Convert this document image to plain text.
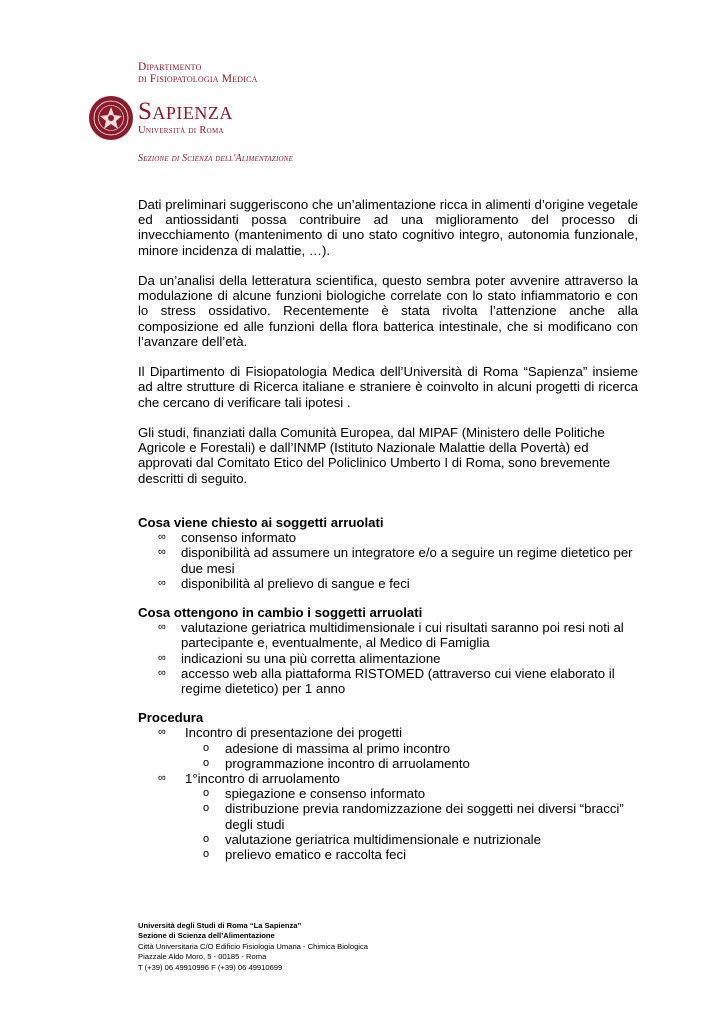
Dipartimento
di Fisiopatologia Medica
Sapienza
Università di Roma
Sezione di Scienza dell'Alimentazione

Dati preliminari suggeriscono che un’alimentazione ricca in alimenti d’origine vegetale ed antiossidanti possa contribuire ad una miglioramento del processo di invecchiamento (mantenimento di uno stato cognitivo integro, autonomia funzionale, minore incidenza di malattie, …).

Da un’analisi della letteratura scientifica, questo sembra poter avvenire attraverso la modulazione di alcune funzioni biologiche correlate con lo stato infiammatorio e con lo stress ossidativo. Recentemente è stata rivolta l’attenzione anche alla composizione ed alle funzioni della flora batterica intestinale, che si modificano con l’avanzare dell’età.

Il Dipartimento di Fisiopatologia Medica dell’Università di Roma “Sapienza” insieme ad altre strutture di Ricerca italiane e straniere è coinvolto in alcuni progetti di ricerca che cercano di verificare tali ipotesi .

Gli studi, finanziati dalla Comunità Europea, dal MIPAF (Ministero delle Politiche Agricole e Forestali) e dall’INMP (Istituto Nazionale Malattie della Povertà) ed approvati dal Comitato Etico del Policlinico Umberto I di Roma, sono brevemente descritti di seguito.

Cosa viene chiesto ai soggetti arruolati
∞ consenso informato
∞ disponibilità ad assumere un integratore e/o a seguire un regime dietetico per due mesi
∞ disponibilità al prelievo di sangue e feci
Cosa ottengono in cambio i soggetti arruolati
∞ valutazione geriatrica multidimensionale i cui risultati saranno poi resi noti al partecipante e, eventualmente, al Medico di Famiglia
∞ indicazioni su una più corretta alimentazione
∞ accesso web alla piattaforma RISTOMED (attraverso cui viene elaborato il regime dietetico) per 1 anno
Procedura
∞ Incontro di presentazione dei progetti
o adesione di massima al primo incontro
o programmazione incontro di arruolamento
∞ 1°incontro di arruolamento
o spiegazione e consenso informato
o distribuzione previa randomizzazione dei soggetti nei diversi “bracci” degli studi
o valutazione geriatrica multidimensionale e nutrizionale
o prelievo ematico e raccolta feci
Università degli Studi di Roma “La Sapienza”
Sezione di Scienza dell’Alimentazione
Città Universitaria C/O Edificio Fisiologia Umana - Chimica Biologica
Piazzale Aldo Moro, 5 - 00185 - Roma
T (+39) 06 49910996 F (+39) 06 49910699
